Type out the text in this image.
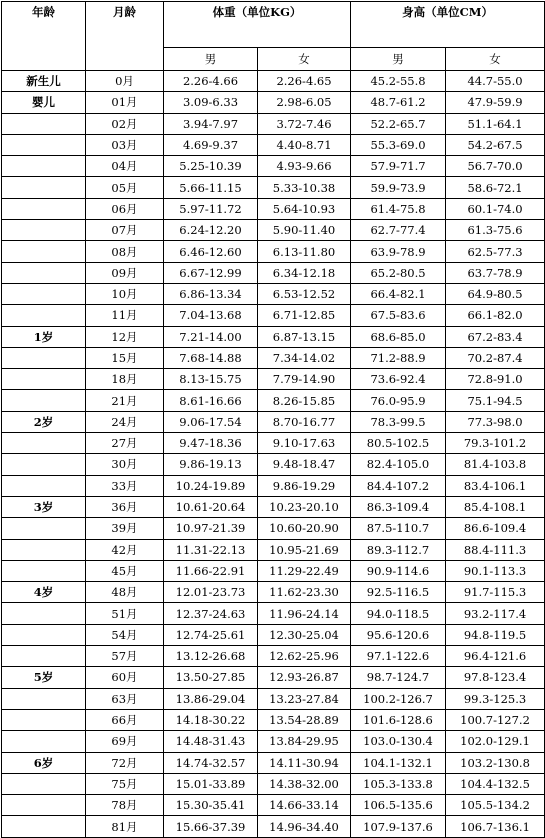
年龄	月龄	体重（单位KG）		身高（单位CM）	
		男	女	男	女
新生儿	0月	2.26-4.66	2.26-4.65	45.2-55.8	44.7-55.0
婴儿	01月	3.09-6.33	2.98-6.05	48.7-61.2	47.9-59.9
	02月	3.94-7.97	3.72-7.46	52.2-65.7	51.1-64.1
	03月	4.69-9.37	4.40-8.71	55.3-69.0	54.2-67.5
	04月	5.25-10.39	4.93-9.66	57.9-71.7	56.7-70.0
	05月	5.66-11.15	5.33-10.38	59.9-73.9	58.6-72.1
	06月	5.97-11.72	5.64-10.93	61.4-75.8	60.1-74.0
	07月	6.24-12.20	5.90-11.40	62.7-77.4	61.3-75.6
	08月	6.46-12.60	6.13-11.80	63.9-78.9	62.5-77.3
	09月	6.67-12.99	6.34-12.18	65.2-80.5	63.7-78.9
	10月	6.86-13.34	6.53-12.52	66.4-82.1	64.9-80.5
	11月	7.04-13.68	6.71-12.85	67.5-83.6	66.1-82.0
1岁	12月	7.21-14.00	6.87-13.15	68.6-85.0	67.2-83.4
	15月	7.68-14.88	7.34-14.02	71.2-88.9	70.2-87.4
	18月	8.13-15.75	7.79-14.90	73.6-92.4	72.8-91.0
	21月	8.61-16.66	8.26-15.85	76.0-95.9	75.1-94.5
2岁	24月	9.06-17.54	8.70-16.77	78.3-99.5	77.3-98.0
	27月	9.47-18.36	9.10-17.63	80.5-102.5	79.3-101.2
	30月	9.86-19.13	9.48-18.47	82.4-105.0	81.4-103.8
	33月	10.24-19.89	9.86-19.29	84.4-107.2	83.4-106.1
3岁	36月	10.61-20.64	10.23-20.10	86.3-109.4	85.4-108.1
	39月	10.97-21.39	10.60-20.90	87.5-110.7	86.6-109.4
	42月	11.31-22.13	10.95-21.69	89.3-112.7	88.4-111.3
	45月	11.66-22.91	11.29-22.49	90.9-114.6	90.1-113.3
4岁	48月	12.01-23.73	11.62-23.30	92.5-116.5	91.7-115.3
	51月	12.37-24.63	11.96-24.14	94.0-118.5	93.2-117.4
	54月	12.74-25.61	12.30-25.04	95.6-120.6	94.8-119.5
	57月	13.12-26.68	12.62-25.96	97.1-122.6	96.4-121.6
5岁	60月	13.50-27.85	12.93-26.87	98.7-124.7	97.8-123.4
	63月	13.86-29.04	13.23-27.84	100.2-126.7	99.3-125.3
	66月	14.18-30.22	13.54-28.89	101.6-128.6	100.7-127.2
	69月	14.48-31.43	13.84-29.95	103.0-130.4	102.0-129.1
6岁	72月	14.74-32.57	14.11-30.94	104.1-132.1	103.2-130.8
	75月	15.01-33.89	14.38-32.00	105.3-133.8	104.4-132.5
	78月	15.30-35.41	14.66-33.14	106.5-135.6	105.5-134.2
	81月	15.66-37.39	14.96-34.40	107.9-137.6	106.7-136.1
